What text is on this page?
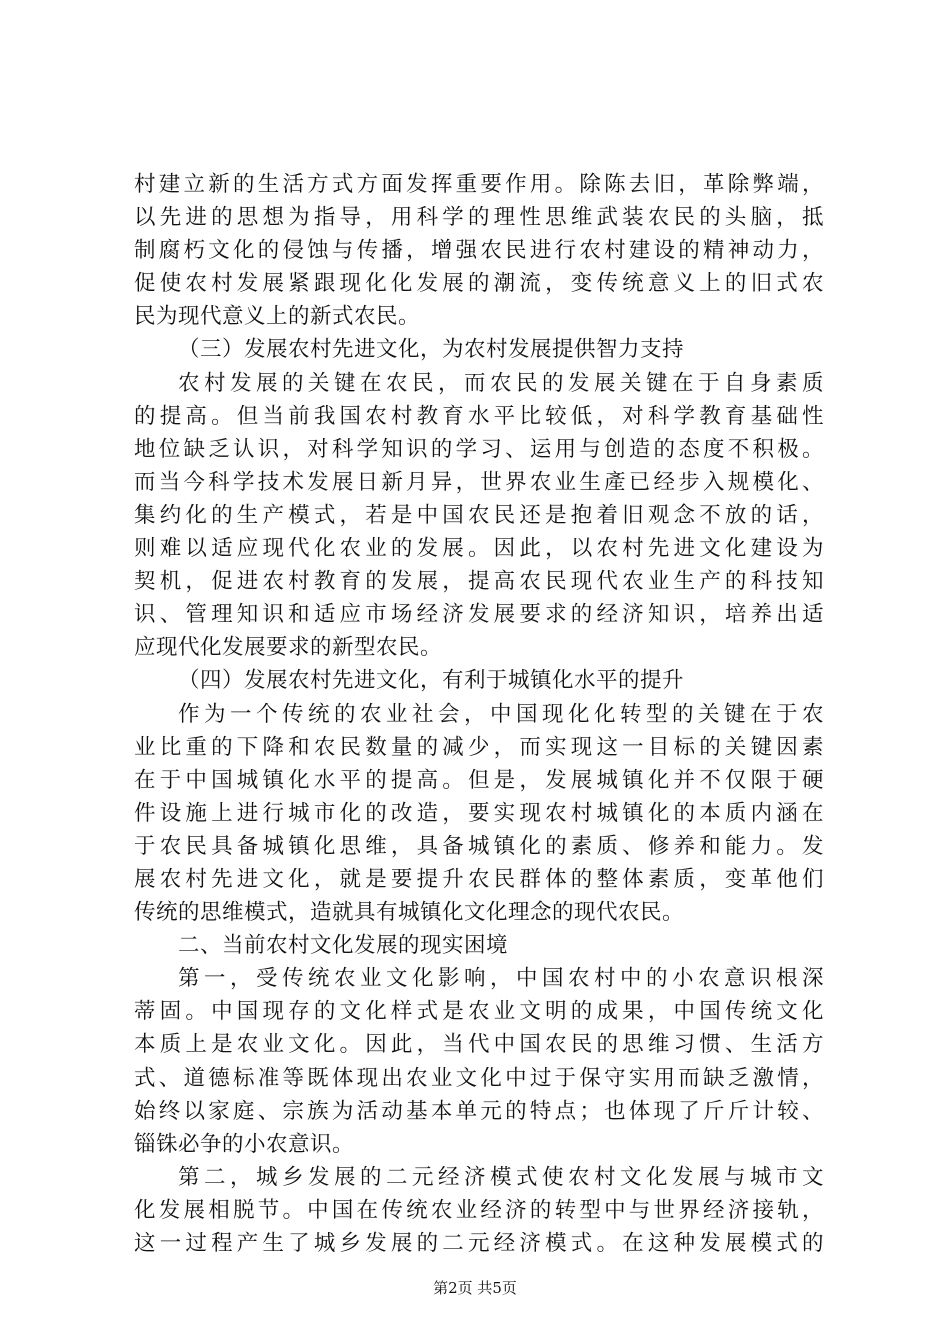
村建立新的生活方式方面发挥重要作用。除陈去旧，革除弊端，
以先进的思想为指导，用科学的理性思维武装农民的头脑，抵
制腐朽文化的侵蚀与传播，增强农民进行农村建设的精神动力，
促使农村发展紧跟现化化发展的潮流，变传统意义上的旧式农
民为现代意义上的新式农民。
（三）发展农村先进文化，为农村发展提供智力支持
农村发展的关键在农民，而农民的发展关键在于自身素质
的提高。但当前我国农村教育水平比较低，对科学教育基础性
地位缺乏认识，对科学知识的学习、运用与创造的态度不积极。
而当今科学技术发展日新月异，世界农业生產已经步入规模化、
集约化的生产模式，若是中国农民还是抱着旧观念不放的话，
则难以适应现代化农业的发展。因此，以农村先进文化建设为
契机，促进农村教育的发展，提高农民现代农业生产的科技知
识、管理知识和适应市场经济发展要求的经济知识，培养出适
应现代化发展要求的新型农民。
（四）发展农村先进文化，有利于城镇化水平的提升
作为一个传统的农业社会，中国现化化转型的关键在于农
业比重的下降和农民数量的减少，而实现这一目标的关键因素
在于中国城镇化水平的提高。但是，发展城镇化并不仅限于硬
件设施上进行城市化的改造，要实现农村城镇化的本质内涵在
于农民具备城镇化思维，具备城镇化的素质、修养和能力。发
展农村先进文化，就是要提升农民群体的整体素质，变革他们
传统的思维模式，造就具有城镇化文化理念的现代农民。
二、当前农村文化发展的现实困境
第一，受传统农业文化影响，中国农村中的小农意识根深
蒂固。中国现存的文化样式是农业文明的成果，中国传统文化
本质上是农业文化。因此，当代中国农民的思维习惯、生活方
式、道德标准等既体现出农业文化中过于保守实用而缺乏激情，
始终以家庭、宗族为活动基本单元的特点；也体现了斤斤计较、
锱铢必争的小农意识。
第二，城乡发展的二元经济模式使农村文化发展与城市文
化发展相脱节。中国在传统农业经济的转型中与世界经济接轨，
这一过程产生了城乡发展的二元经济模式。在这种发展模式的
第2页 共5页
